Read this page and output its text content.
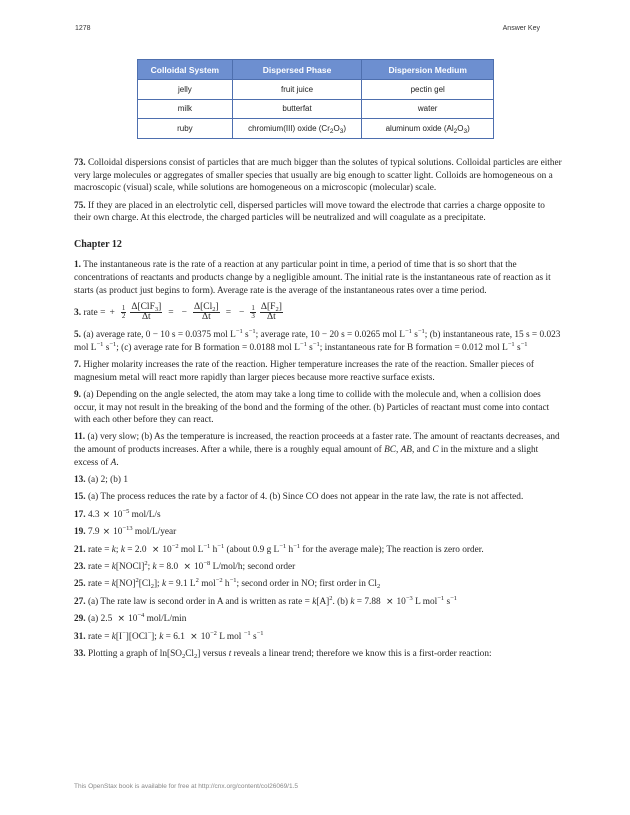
1278	Answer Key
Colloidal System	Dispersed Phase	Dispersion Medium
jelly	fruit juice	pectin gel
milk	butterfat	water
ruby	chromium(III) oxide $(Cr_2O_3)$	aluminum oxide $(Al_2O_3)$

73. Colloidal dispersions consist of particles that are much bigger than the solutes of typical solutions. Colloidal particles are either very large molecules or aggregates of smaller species that usually are big enough to scatter light. Colloids are homogeneous on a macroscopic (visual) scale, while solutions are homogeneous on a microscopic (molecular) scale.

75. If they are placed in an electrolytic cell, dispersed particles will move toward the electrode that carries a charge opposite to their own charge. At this electrode, the charged particles will be neutralized and will coagulate as a precipitate.

Chapter 12

1. The instantaneous rate is the rate of a reaction at any particular point in time, a period of time that is so short that the concentrations of reactants and products change by a negligible amount. The initial rate is the instantaneous rate of reaction as it starts (as product just begins to form). Average rate is the average of the instantaneous rates over a time period.

3.
rate = + $\frac{1}{2} \frac{\Delta[ClF_3]}{\Delta t}$ = − $\frac{\Delta[Cl_2]}{\Delta t}$ = − $\frac{1}{3} \frac{\Delta[F_2]}{\Delta t}$

5. (a) average rate, 0 − 10 s = 0.0375 mol $L^{-1}$ $s^{-1}$; average rate, 10 − 20 s = 0.0265 mol $L^{-1}$ $s^{-1}$; (b) instantaneous rate, 15 s = 0.023 mol $L^{-1}$ $s^{-1}$; (c) average rate for B formation = 0.0188 mol $L^{-1}$ $s^{-1}$; instantaneous rate for B formation = 0.012 mol $L^{-1}$ $s^{-1}$

7. Higher molarity increases the rate of the reaction. Higher temperature increases the rate of the reaction. Smaller pieces of magnesium metal will react more rapidly than larger pieces because more reactive surface exists.

9. (a) Depending on the angle selected, the atom may take a long time to collide with the molecule and, when a collision does occur, it may not result in the breaking of the bond and the forming of the other. (b) Particles of reactant must come into contact with each other before they can react.

11. (a) very slow; (b) As the temperature is increased, the reaction proceeds at a faster rate. The amount of reactants decreases, and the amount of products increases. After a while, there is a roughly equal amount of BC, AB, and C in the mixture and a slight excess of A.

13. (a) 2; (b) 1

15. (a) The process reduces the rate by a factor of 4. (b) Since CO does not appear in the rate law, the rate is not affected.

17. $4.3 \times 10^{-5}$ mol/L/s

19. $7.9 \times 10^{-13}$ mol/L/year

21. rate = k; $k = 2.0 \times 10^{-2}$ mol $L^{-1}$ $h^{-1}$ (about 0.9 g $L^{-1}$ $h^{-1}$ for the average male); The reaction is zero order.

23. rate = k[NOCl]$^2$; $k = 8.0 \times 10^{-8}$ L/mol/h; second order

25. rate = $k[NO]^2[Cl_2]$; k = 9.1 $L^2$ mol$^{-2}$ $h^{-1}$; second order in NO; first order in $Cl_2$

27. (a) The rate law is second order in A and is written as rate = $k[A]^2$. (b) $k = 7.88 \times 10^{-3}$ L mol$^{-1}$ $s^{-1}$

29. (a) $2.5 \times 10^{-4}$ mol/L/min

31. rate = k[I−][OCl−]; $k = 6.1 \times 10^{-2}$ L mol $^{-1}$ $s^{-1}$

33. Plotting a graph of $\ln[SO_2Cl_2]$ versus t reveals a linear trend; therefore we know this is a first-order reaction:

This OpenStax book is available for free at http://cnx.org/content/col26069/1.5
